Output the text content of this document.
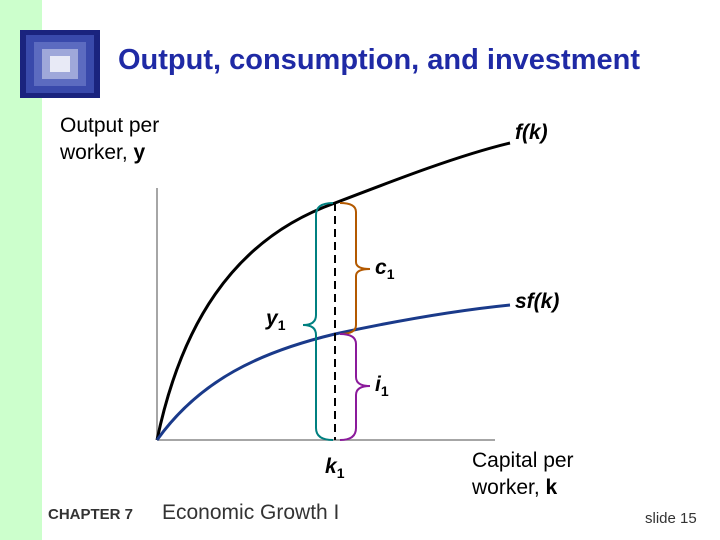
Output, consumption, and investment
Output per
worker, y
Capital per
worker, k
f(k)
sf(k)
$c_1$
$i_1$
$y_1$
$k_1$
CHAPTER 7 Economic Growth I	slide 15
